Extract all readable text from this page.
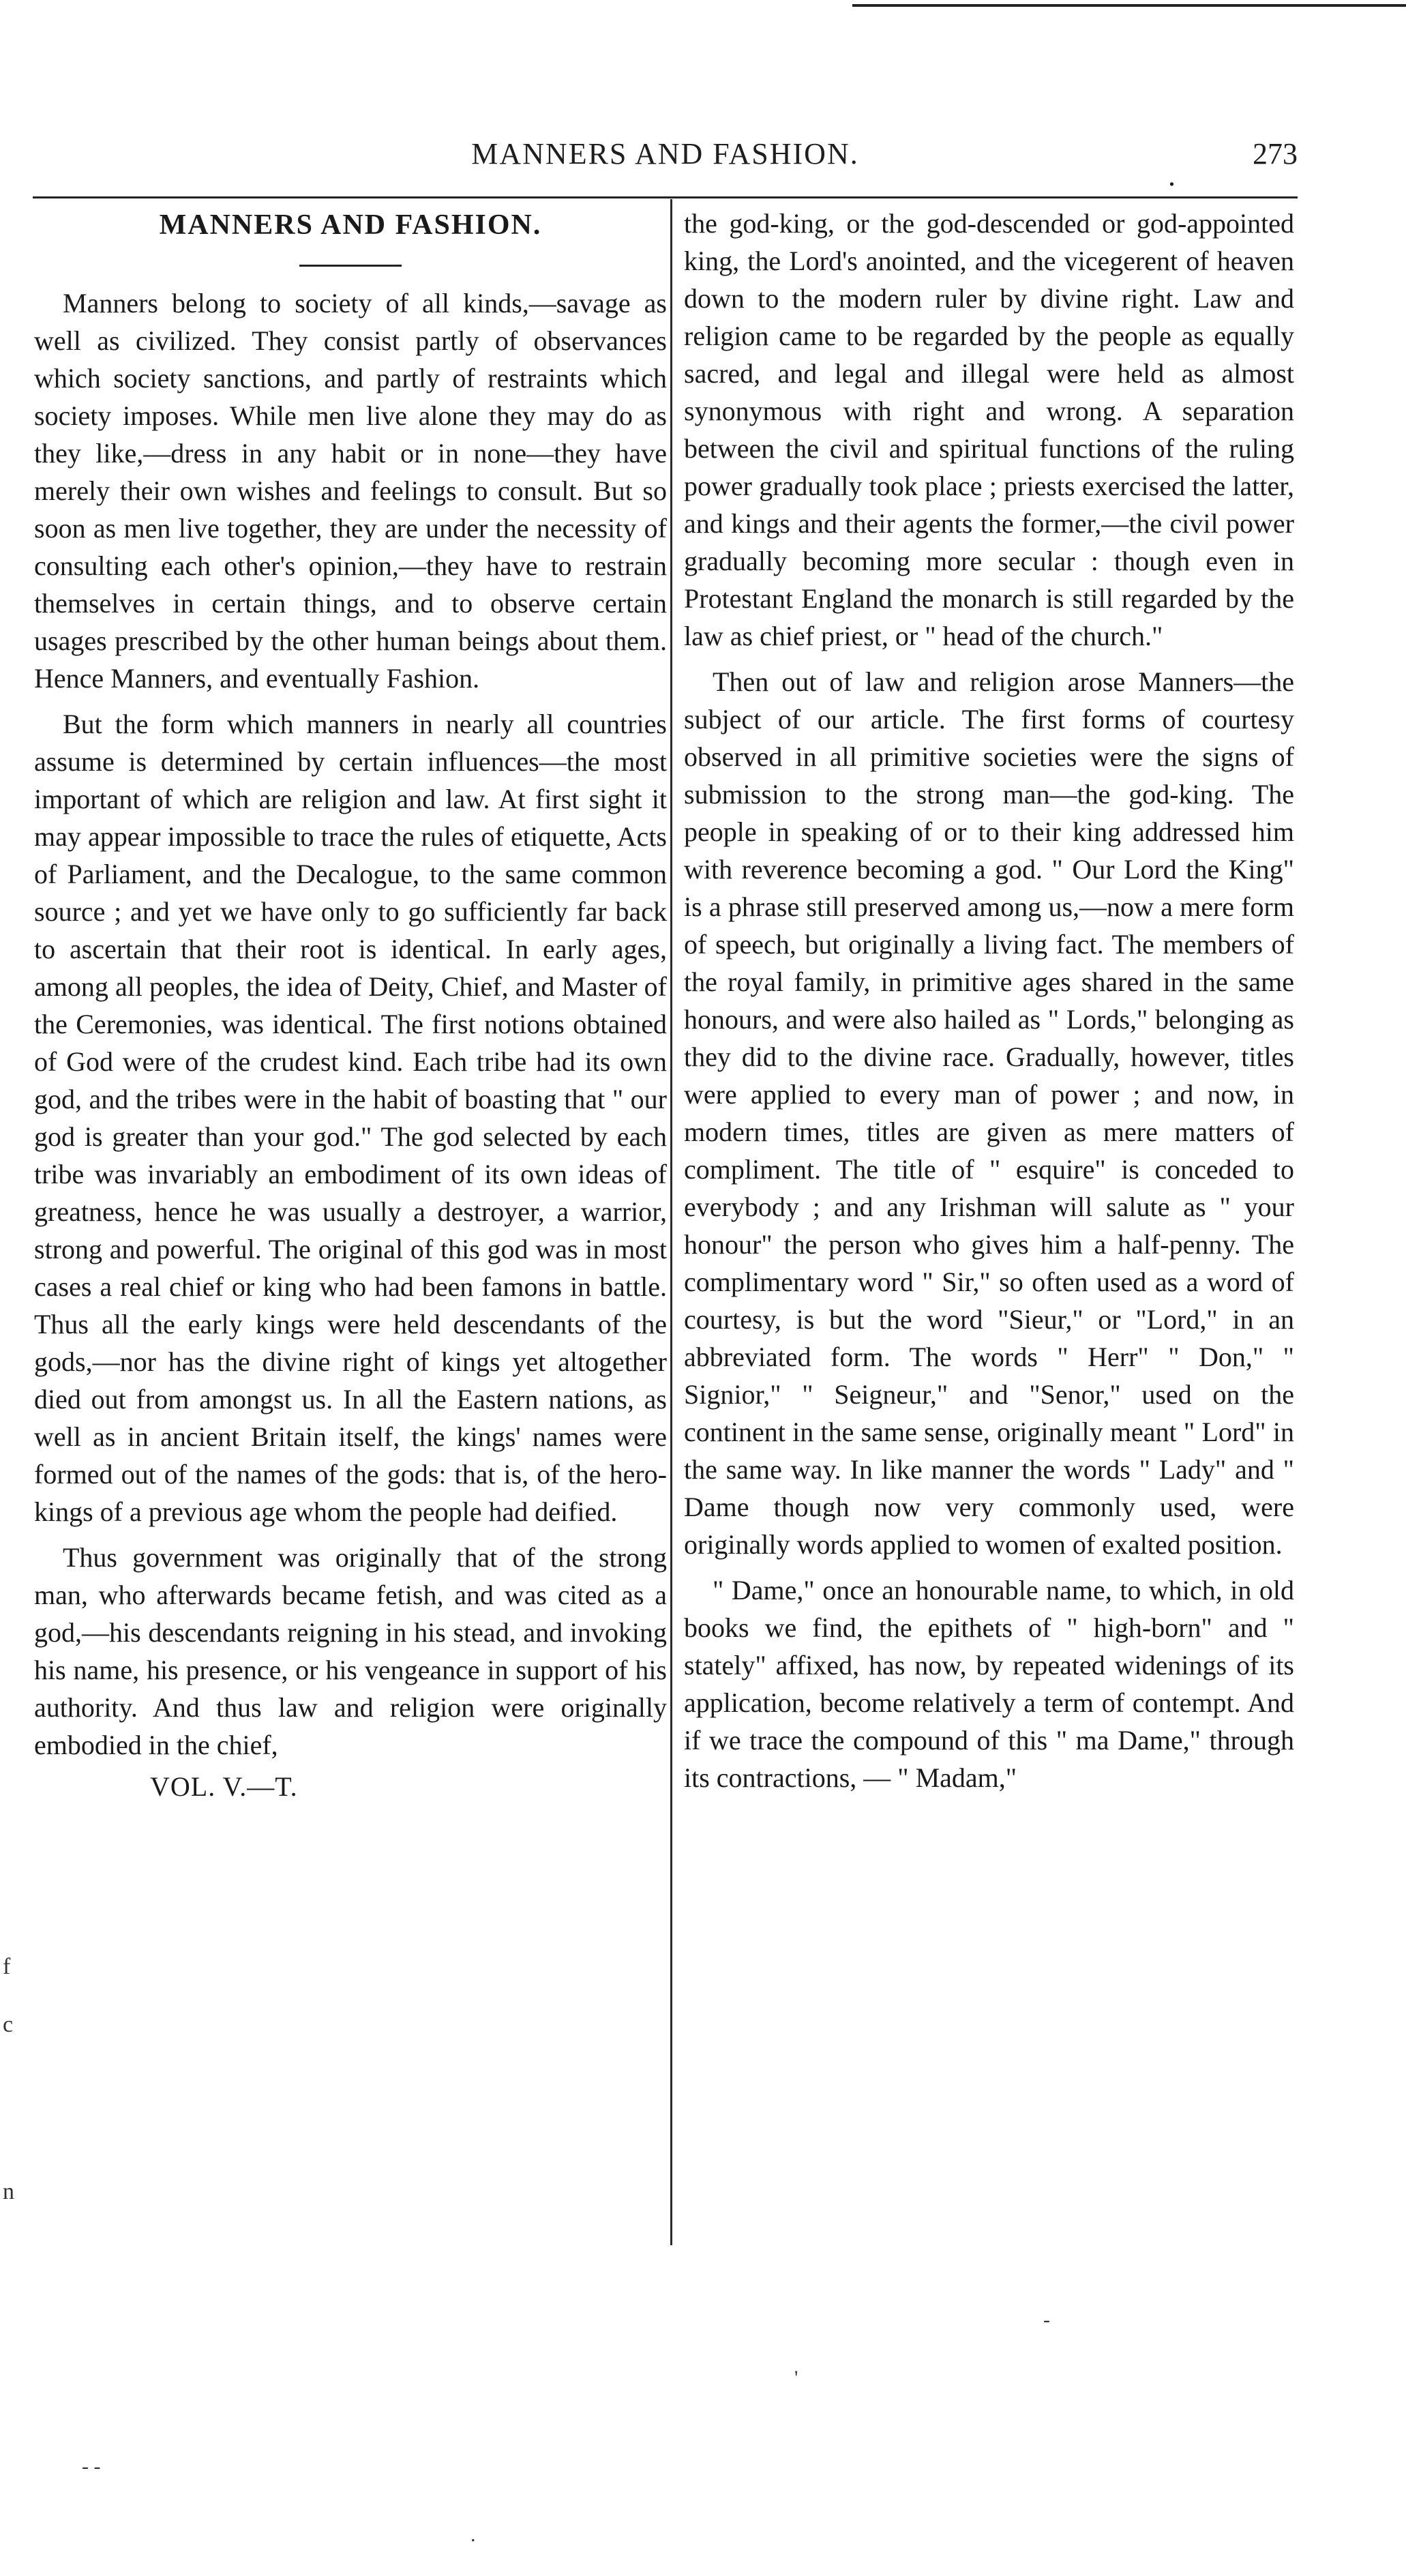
MANNERS AND FASHION.
.
273
MANNERS AND FASHION.

Manners belong to society of all kinds,—savage as well as civilized. They consist partly of observances which society sanctions, and partly of restraints which society imposes. While men live alone they may do as they like,—dress in any habit or in none—they have merely their own wishes and feelings to consult. But so soon as men live together, they are under the necessity of consulting each other's opinion,—they have to restrain themselves in certain things, and to observe certain usages prescribed by the other human beings about them. Hence Manners, and eventually Fashion.

But the form which manners in nearly all countries assume is determined by certain influences—the most important of which are religion and law. At first sight it may appear impossible to trace the rules of etiquette, Acts of Parliament, and the Decalogue, to the same common source ; and yet we have only to go sufficiently far back to ascertain that their root is identical. In early ages, among all peoples, the idea of Deity, Chief, and Master of the Ceremonies, was identical. The first notions obtained of God were of the crudest kind. Each tribe had its own god, and the tribes were in the habit of boasting that " our god is greater than your god." The god selected by each tribe was invariably an embodiment of its own ideas of greatness, hence he was usually a destroyer, a warrior, strong and powerful. The original of this god was in most cases a real chief or king who had been famons in battle. Thus all the early kings were held descendants of the gods,—nor has the divine right of kings yet altogether died out from amongst us. In all the Eastern nations, as well as in ancient Britain itself, the kings' names were formed out of the names of the gods: that is, of the hero-kings of a previous age whom the people had deified.

Thus government was originally that of the strong man, who afterwards became fetish, and was cited as a god,—his descendants reigning in his stead, and invoking his name, his presence, or his vengeance in support of his authority. And thus law and religion were originally embodied in the chief,

VOL. V.—T.

the god-king, or the god-descended or god-appointed king, the Lord's anointed, and the vicegerent of heaven down to the modern ruler by divine right. Law and religion came to be regarded by the people as equally sacred, and legal and illegal were held as almost synonymous with right and wrong. A separation between the civil and spiritual functions of the ruling power gradually took place ; priests exercised the latter, and kings and their agents the former,—the civil power gradually becoming more secular : though even in Protestant England the monarch is still regarded by the law as chief priest, or " head of the church."

Then out of law and religion arose Manners—the subject of our article. The first forms of courtesy observed in all primitive societies were the signs of submission to the strong man—the god-king. The people in speaking of or to their king addressed him with reverence becoming a god. " Our Lord the King" is a phrase still preserved among us,—now a mere form of speech, but originally a living fact. The members of the royal family, in primitive ages shared in the same honours, and were also hailed as " Lords," belonging as they did to the divine race. Gradually, however, titles were applied to every man of power ; and now, in modern times, titles are given as mere matters of compliment. The title of " esquire" is conceded to everybody ; and any Irishman will salute as " your honour" the person who gives him a half-penny. The complimentary word " Sir," so often used as a word of courtesy, is but the word "Sieur," or "Lord," in an abbreviated form. The words " Herr" " Don," " Signior," " Seigneur," and "Senor," used on the continent in the same sense, originally meant " Lord" in the same way. In like manner the words " Lady" and " Dame though now very commonly used, were originally words applied to women of exalted position.

" Dame," once an honourable name, to which, in old books we find, the epithets of " high-born" and " stately" affixed, has now, by repeated widenings of its application, become relatively a term of contempt. And if we trace the compound of this " ma Dame," through its contractions, — " Madam,"

f
c
n
-
'
- -
.
